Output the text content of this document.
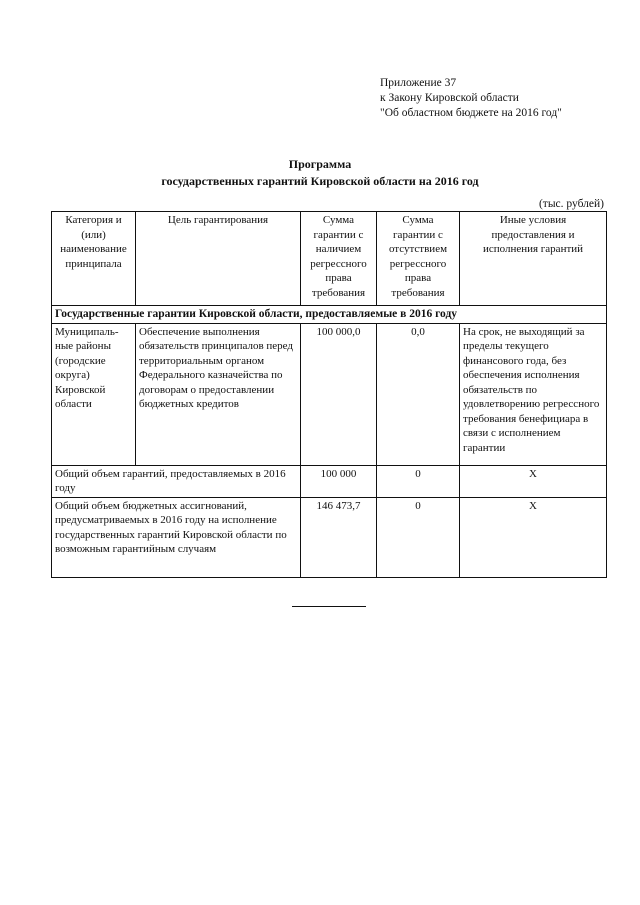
Приложение 37
к Закону Кировской области
"Об областном бюджете на 2016 год"
Программа
государственных гарантий Кировской области на 2016 год
(тыс. рублей)
Категория и (или) наименование принципала	Цель гарантирования	Сумма гарантии с наличием регрессного права требования	Сумма гарантии с отсутствием регрессного права требования	Иные условия предоставления и исполнения гарантий
Государственные гарантии Кировской области, предоставляемые в 2016 году				
Муниципаль-ные районы (городские округа) Кировской области	Обеспечение выполнения обязательств принципалов перед территориальным органом Федерального казначейства по договорам о предоставлении бюджетных кредитов	100 000,0	0,0	На срок, не выходящий за пределы текущего финансового года, без обеспечения исполнения обязательств по удовлетворению регрессного требования бенефициара в связи с исполнением гарантии
Общий объем гарантий, предоставляемых в 2016 году		100 000	0	X
Общий объем бюджетных ассигнований, предусматриваемых в 2016 году на исполнение государственных гарантий Кировской области по возможным гарантийным случаям		146 473,7	0	X
